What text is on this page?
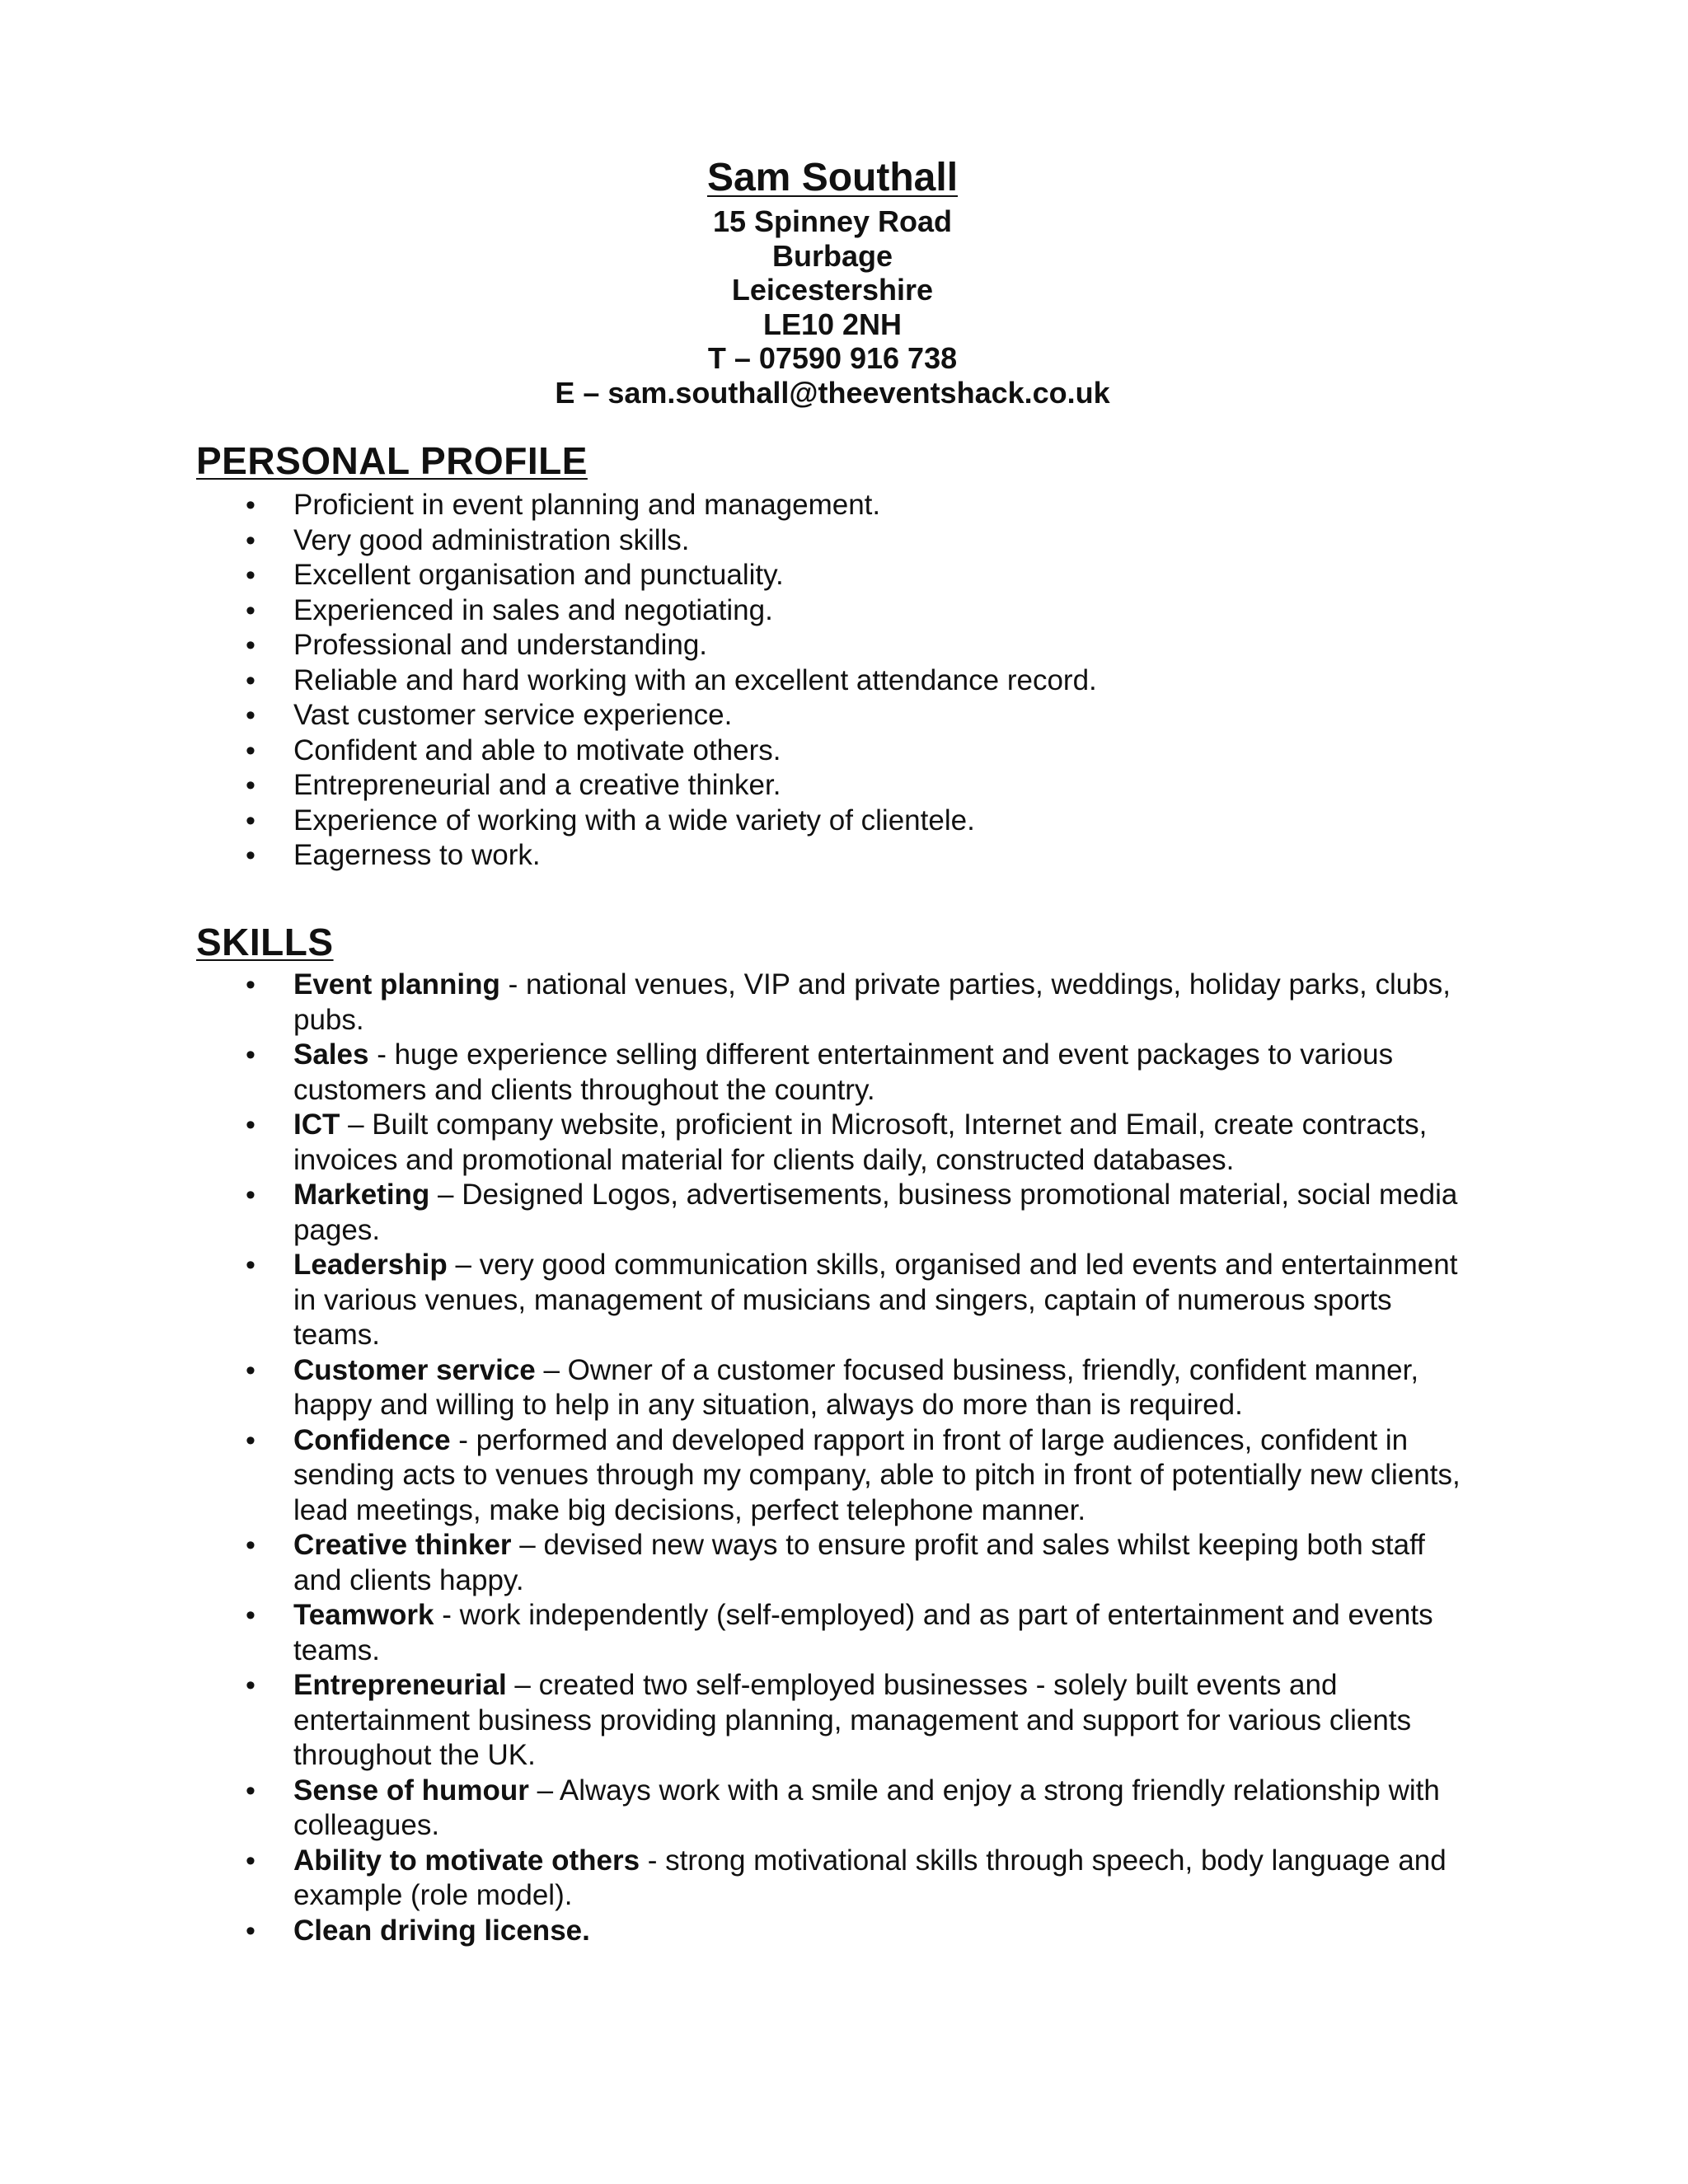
Sam Southall
15 Spinney Road
Burbage
Leicestershire
LE10 2NH
T – 07590 916 738
E – sam.southall@theeventshack.co.uk
PERSONAL PROFILE
• Proficient in event planning and management.
• Very good administration skills.
• Excellent organisation and punctuality.
• Experienced in sales and negotiating.
• Professional and understanding.
• Reliable and hard working with an excellent attendance record.
• Vast customer service experience.
• Confident and able to motivate others.
• Entrepreneurial and a creative thinker.
• Experience of working with a wide variety of clientele.
• Eagerness to work.
SKILLS
• Event planning - national venues, VIP and private parties, weddings, holiday parks, clubs, pubs.
• Sales - huge experience selling different entertainment and event packages to various customers and clients throughout the country.
• ICT – Built company website, proficient in Microsoft, Internet and Email, create contracts, invoices and promotional material for clients daily, constructed databases.
• Marketing – Designed Logos, advertisements, business promotional material, social media pages.
• Leadership – very good communication skills, organised and led events and entertainment in various venues, management of musicians and singers, captain of numerous sports teams.
• Customer service – Owner of a customer focused business, friendly, confident manner, happy and willing to help in any situation, always do more than is required.
• Confidence - performed and developed rapport in front of large audiences, confident in sending acts to venues through my company, able to pitch in front of potentially new clients, lead meetings, make big decisions, perfect telephone manner.
• Creative thinker – devised new ways to ensure profit and sales whilst keeping both staff and clients happy.
• Teamwork - work independently (self-employed) and as part of entertainment and events teams.
• Entrepreneurial – created two self-employed businesses - solely built events and entertainment business providing planning, management and support for various clients throughout the UK.
• Sense of humour – Always work with a smile and enjoy a strong friendly relationship with colleagues.
• Ability to motivate others - strong motivational skills through speech, body language and example (role model).
• Clean driving license.
